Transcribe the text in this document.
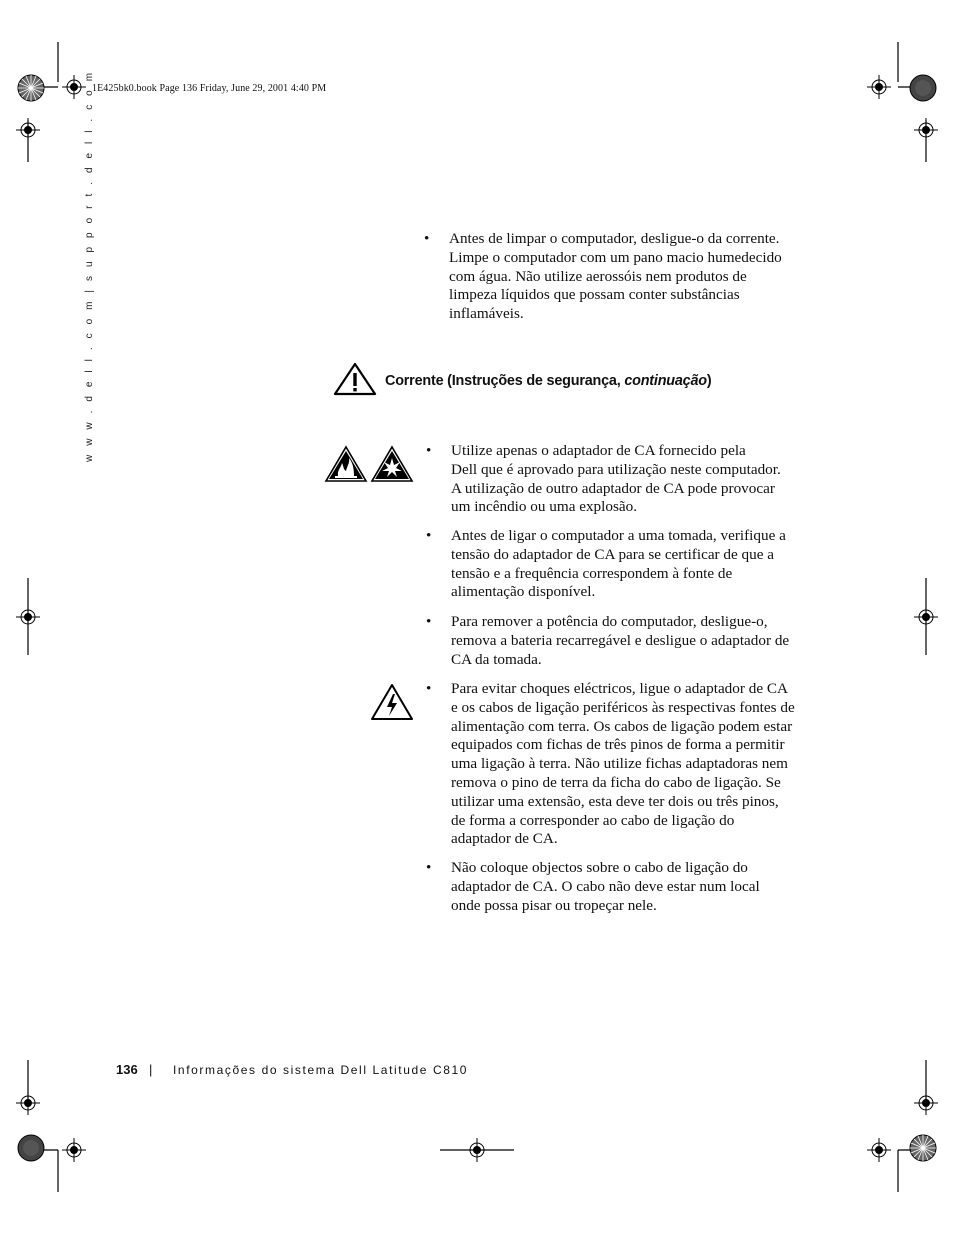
1E425bk0.book Page 136 Friday, June 29, 2001 4:40 PM
w w w . d e l l . c o m | s u p p o r t . d e l l . c o m	•	Antes de limpar o computador, desligue-o da corrente.
Limpe o computador com um pano macio humedecido
com água. Não utilize aerossóis nem produtos de
limpeza líquidos que possam conter substâncias
inflamáveis.
Corrente (Instruções de segurança, continuação)
•	Utilize apenas o adaptador de CA fornecido pela
Dell que é aprovado para utilização neste computador.
A utilização de outro adaptador de CA pode provocar
um incêndio ou uma explosão.
•	Antes de ligar o computador a uma tomada, verifique a
tensão do adaptador de CA para se certificar de que a
tensão e a frequência correspondem à fonte de
alimentação disponível.
•	Para remover a potência do computador, desligue-o,
remova a bateria recarregável e desligue o adaptador de
CA da tomada.
•	Para evitar choques eléctricos, ligue o adaptador de CA
e os cabos de ligação periféricos às respectivas fontes de
alimentação com terra. Os cabos de ligação podem estar
equipados com fichas de três pinos de forma a permitir
uma ligação à terra. Não utilize fichas adaptadoras nem
remova o pino de terra da ficha do cabo de ligação. Se
utilizar uma extensão, esta deve ter dois ou três pinos,
de forma a corresponder ao cabo de ligação do
adaptador de CA.
•	Não coloque objectos sobre o cabo de ligação do
adaptador de CA. O cabo não deve estar num local
onde possa pisar ou tropeçar nele.
136 | Informações do sistema Dell Latitude C810
